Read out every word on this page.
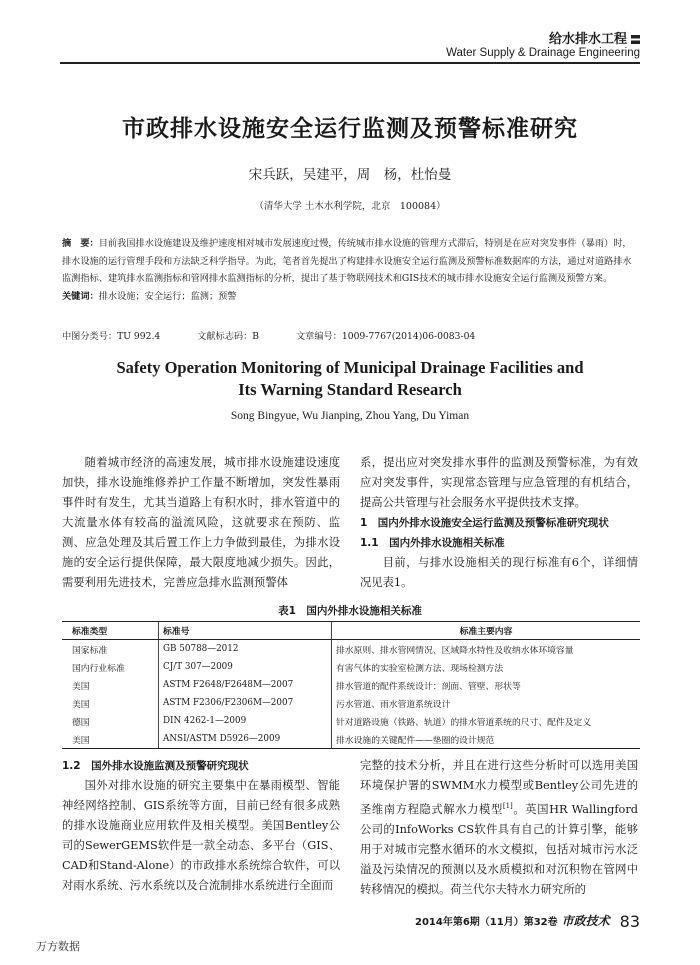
给水排水工程
Water Supply & Drainage Engineering
市政排水设施安全运行监测及预警标准研究
宋兵跃，吴建平，周　杨，杜怡曼
（清华大学 土木水利学院，北京　100084）
摘　要：目前我国排水设施建设及维护速度相对城市发展速度过慢，传统城市排水设施的管理方式滞后，特别是在应对突发事件（暴雨）时，排水设施的运行管理手段和方法缺乏科学指导。为此，笔者首先提出了构建排水设施安全运行监测及预警标准数据库的方法，通过对道路排水监测指标、建筑排水监测指标和管网排水监测指标的分析，提出了基于物联网技术和GIS技术的城市排水设施安全运行监测及预警方案。
关键词：排水设施；安全运行；监测；预警
中图分类号：TU 992.4	文献标志码：B	文章编号：1009-7767(2014)06-0083-04
Safety Operation Monitoring of Municipal Drainage Facilities and
Its Warning Standard Research
Song Bingyue, Wu Jianping, Zhou Yang, Du Yiman

随着城市经济的高速发展，城市排水设施建设速度加快，排水设施维修养护工作量不断增加，突发性暴雨事件时有发生，尤其当道路上有积水时，排水管道中的大流量水体有较高的溢流风险，这就要求在预防、监测、应急处理及其后置工作上力争做到最佳，为排水设施的安全运行提供保障，最大限度地减少损失。因此，需要利用先进技术，完善应急排水监测预警体

系，提出应对突发排水事件的监测及预警标准，为有效应对突发事件，实现常态管理与应急管理的有机结合，提高公共管理与社会服务水平提供技术支撑。

1　国内外排水设施安全运行监测及预警标准研究现状

1.1　国内外排水设施相关标准

目前，与排水设施相关的现行标准有6个，详细情况见表1。

表1　国内外排水设施相关标准
标准类型	标准号	标准主要内容
国家标准	GB 50788—2012	排水原则、排水管网情况、区域降水特性及收纳水体环境容量
国内行业标准	CJ/T 307—2009	有害气体的实验室检测方法、现场检测方法
美国	ASTM F2648/F2648M—2007	排水管道的配件系统设计：剖面、管壁、形状等
美国	ASTM F2306/F2306M—2007	污水管道、雨水管道系统设计
德国	DIN 4262-1—2009	针对道路设施（铁路、轨道）的排水管道系统的尺寸、配件及定义
美国	ANSI/ASTM D5926—2009	排水设施的关键配件——垫圈的设计规范

1.2　国外排水设施监测及预警研究现状

国外对排水设施的研究主要集中在暴雨模型、智能神经网络控制、GIS系统等方面，目前已经有很多成熟的排水设施商业应用软件及相关模型。美国Bentley公司的SewerGEMS软件是一款全动态、多平台（GIS、CAD和Stand-Alone）的市政排水系统综合软件，可以对雨水系统、污水系统以及合流制排水系统进行全面而

完整的技术分析，并且在进行这些分析时可以选用美国环境保护署的SWMM水力模型或Bentley公司先进的圣维南方程隐式解水力模型[1]。英国HR Wallingford公司的InfoWorks CS软件具有自己的计算引擎，能够用于对城市完整水循环的水文模拟，包括对城市污水泛溢及污染情况的预测以及水质模拟和对沉积物在管网中转移情况的模拟。荷兰代尔夫特水力研究所的

2014年第6期（11月）第32卷 市政技术 83
万方数据
